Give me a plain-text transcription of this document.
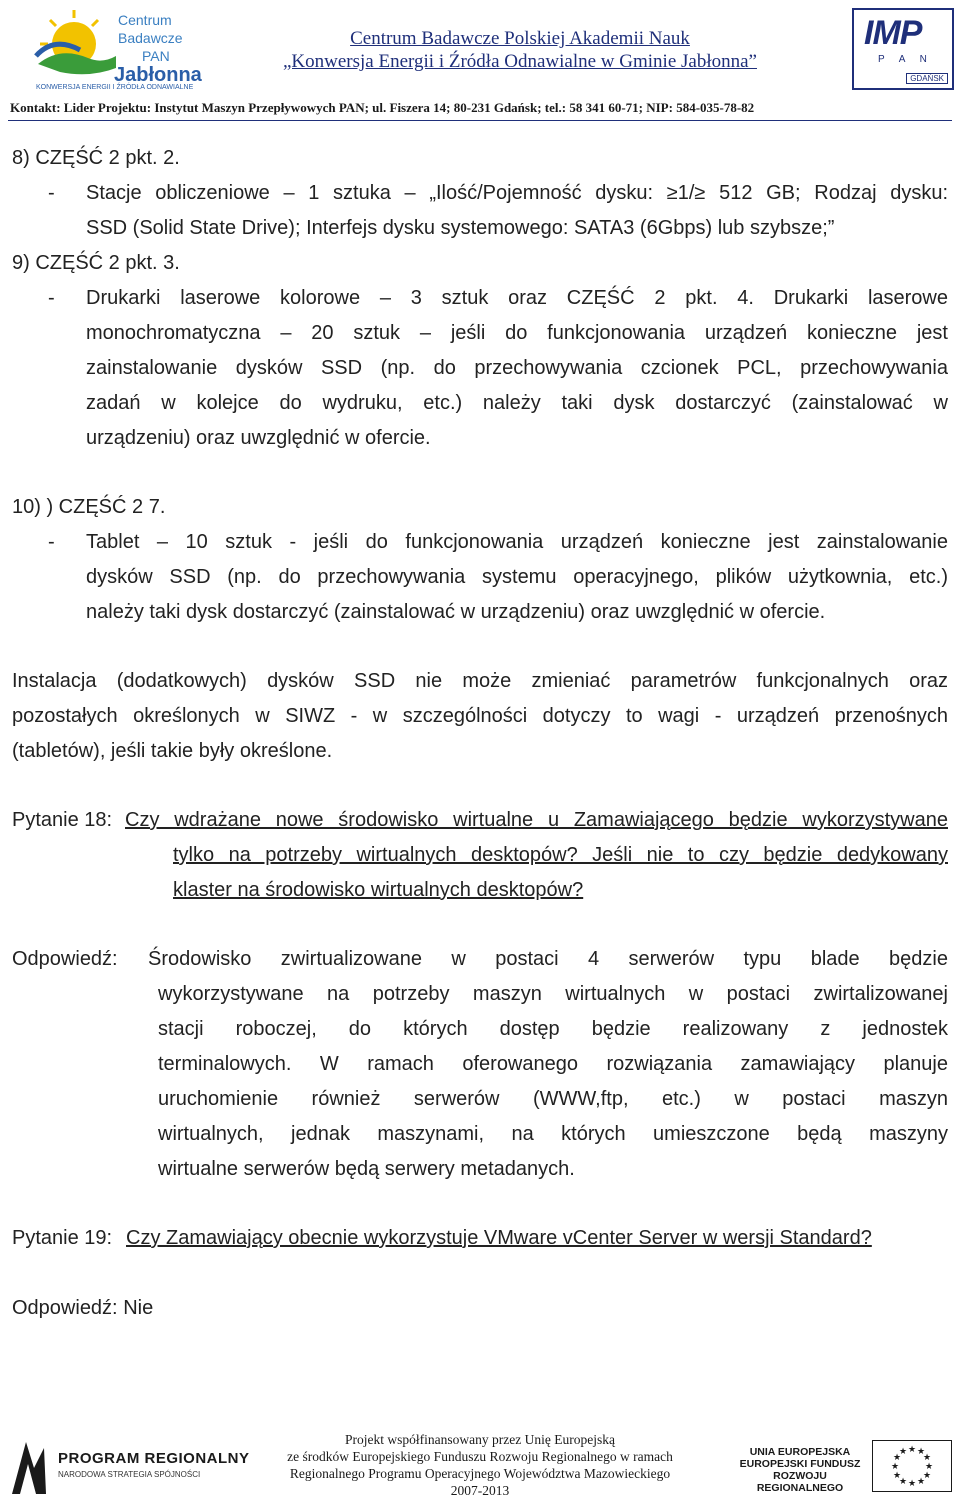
Centrum
Badawcze
PAN
Jabłonna
KONWERSJA ENERGII I ŹRÓDŁA ODNAWIALNE
Centrum Badawcze Polskiej Akademii Nauk
„Konwersja Energii i Źródła Odnawialne w Gminie Jabłonna”
IMP
P A N
GDAŃSK
Kontakt: Lider Projektu: Instytut Maszyn Przepływowych PAN; ul. Fiszera 14; 80-231 Gdańsk; tel.: 58 341 60-71; NIP: 584-035-78-82
8) CZĘŚĆ 2 pkt. 2.
-	Stacje obliczeniowe – 1 sztuka – „Ilość/Pojemność dysku: ≥1/≥ 512 GB; Rodzaj dysku:
SSD (Solid State Drive); Interfejs dysku systemowego: SATA3 (6Gbps) lub szybsze;”
9) CZĘŚĆ 2 pkt. 3.
-	Drukarki laserowe kolorowe – 3 sztuk oraz CZĘŚĆ 2 pkt. 4. Drukarki laserowe
monochromatyczna – 20 sztuk – jeśli do funkcjonowania urządzeń konieczne jest
zainstalowanie dysków SSD (np. do przechowywania czcionek PCL, przechowywania
zadań w kolejce do wydruku, etc.) należy taki dysk dostarczyć (zainstalować w
urządzeniu) oraz uwzględnić w ofercie.
10) ) CZĘŚĆ 2 7.
-	Tablet – 10 sztuk - jeśli do funkcjonowania urządzeń konieczne jest zainstalowanie
dysków SSD (np. do przechowywania systemu operacyjnego, plików użytkownia, etc.)
należy taki dysk dostarczyć (zainstalować w urządzeniu) oraz uwzględnić w ofercie.
Instalacja (dodatkowych) dysków SSD nie może zmieniać parametrów funkcjonalnych oraz
pozostałych określonych w SIWZ - w szczególności dotyczy to wagi - urządzeń przenośnych
(tabletów), jeśli takie były określone.
Pytanie 18: Czy wdrażane nowe środowisko wirtualne u Zamawiającego będzie wykorzystywane
tylko na potrzeby wirtualnych desktopów? Jeśli nie to czy będzie dedykowany
klaster na środowisko wirtualnych desktopów?
Odpowiedź:	Środowisko zwirtualizowane w postaci 4 serwerów typu blade będzie
wykorzystywane na potrzeby maszyn wirtualnych w postaci zwirtalizowanej
stacji roboczej, do których dostęp będzie realizowany z jednostek
terminalowych. W ramach oferowanego rozwiązania zamawiający planuje
uruchomienie również serwerów (WWW,ftp, etc.) w postaci maszyn
wirtualnych, jednak maszynami, na których umieszczone będą maszyny
wirtualne serwerów będą serwery metadanych.
Pytanie 19: Czy Zamawiający obecnie wykorzystuje VMware vCenter Server w wersji Standard?
Odpowiedź: Nie
PROGRAM REGIONALNY
NARODOWA STRATEGIA SPÓJNOŚCI
Projekt współfinansowany przez Unię Europejską
ze środków Europejskiego Funduszu Rozwoju Regionalnego w ramach
Regionalnego Programu Operacyjnego Województwa Mazowieckiego
2007-2013
UNIA EUROPEJSKA
EUROPEJSKI FUNDUSZ
ROZWOJU REGIONALNEGO
★ ★
★
★
★
★
★
★
★
★
★
★
